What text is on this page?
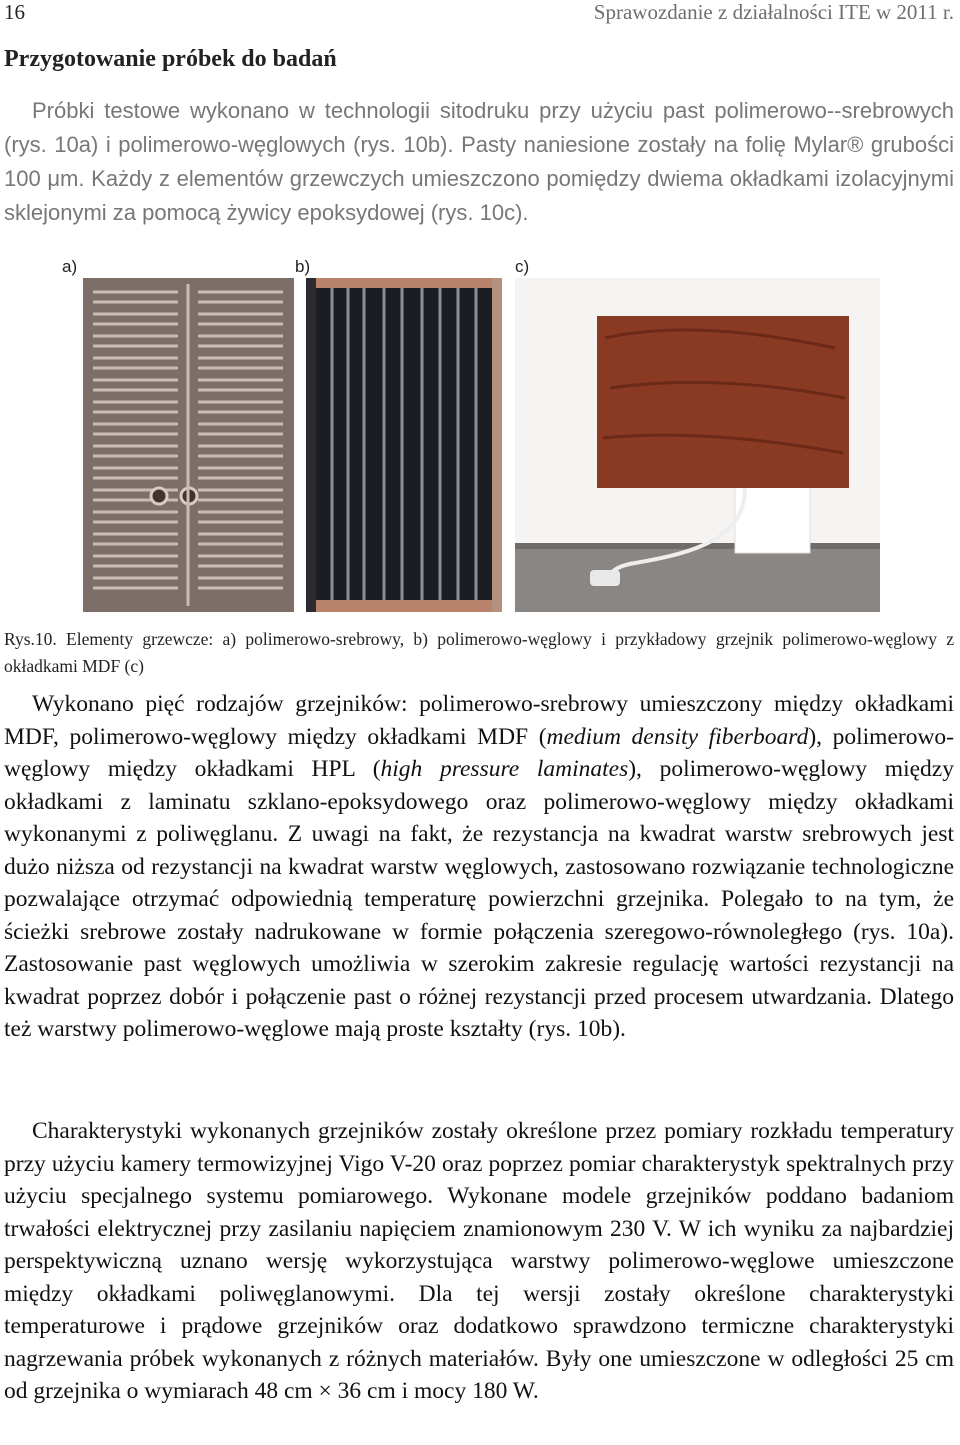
16	Sprawozdanie z działalności ITE w 2011 r.
Przygotowanie próbek do badań

Próbki testowe wykonano w technologii sitodruku przy użyciu past polimerowo--srebrowych (rys. 10a) i polimerowo-węglowych (rys. 10b). Pasty naniesione zostały na folię Mylar® grubości 100 μm. Każdy z elementów grzewczych umieszczono pomiędzy dwiema okładkami izolacyjnymi sklejonymi za pomocą żywicy epoksydowej (rys. 10c).

a)	b)	c)

Rys.10. Elementy grzewcze: a) polimerowo-srebrowy, b) polimerowo-węglowy i przykładowy grzejnik polimerowo-węglowy z okładkami MDF (c)

Wykonano pięć rodzajów grzejników: polimerowo-srebrowy umieszczony między okładkami MDF, polimerowo-węglowy między okładkami MDF (medium density fiberboard), polimerowo-węglowy między okładkami HPL (high pressure laminates), polimerowo-węglowy między okładkami z laminatu szklano-epoksydowego oraz polimerowo-węglowy między okładkami wykonanymi z poliwęglanu. Z uwagi na fakt, że rezystancja na kwadrat warstw srebrowych jest dużo niższa od rezystancji na kwadrat warstw węglowych, zastosowano rozwiązanie technologiczne pozwalające otrzymać odpowiednią temperaturę powierzchni grzejnika. Polegało to na tym, że ścieżki srebrowe zostały nadrukowane w formie połączenia szeregowo-równoległego (rys. 10a). Zastosowanie past węglowych umożliwia w szerokim zakresie regulację wartości rezystancji na kwadrat poprzez dobór i połączenie past o różnej rezystancji przed procesem utwardzania. Dlatego też warstwy polimerowo-węglowe mają proste kształty (rys. 10b).

Charakterystyki wykonanych grzejników zostały określone przez pomiary rozkładu temperatury przy użyciu kamery termowizyjnej Vigo V-20 oraz poprzez pomiar charakterystyk spektralnych przy użyciu specjalnego systemu pomiarowego. Wykonane modele grzejników poddano badaniom trwałości elektrycznej przy zasilaniu napięciem znamionowym 230 V. W ich wyniku za najbardziej perspektywiczną uznano wersję wykorzystująca warstwy polimerowo-węglowe umieszczone między okładkami poliwęglanowymi. Dla tej wersji zostały określone charakterystyki temperaturowe i prądowe grzejników oraz dodatkowo sprawdzono termiczne charakterystyki nagrzewania próbek wykonanych z różnych materiałów. Były one umieszczone w odległości 25 cm od grzejnika o wymiarach 48 cm × 36 cm i mocy 180 W.
